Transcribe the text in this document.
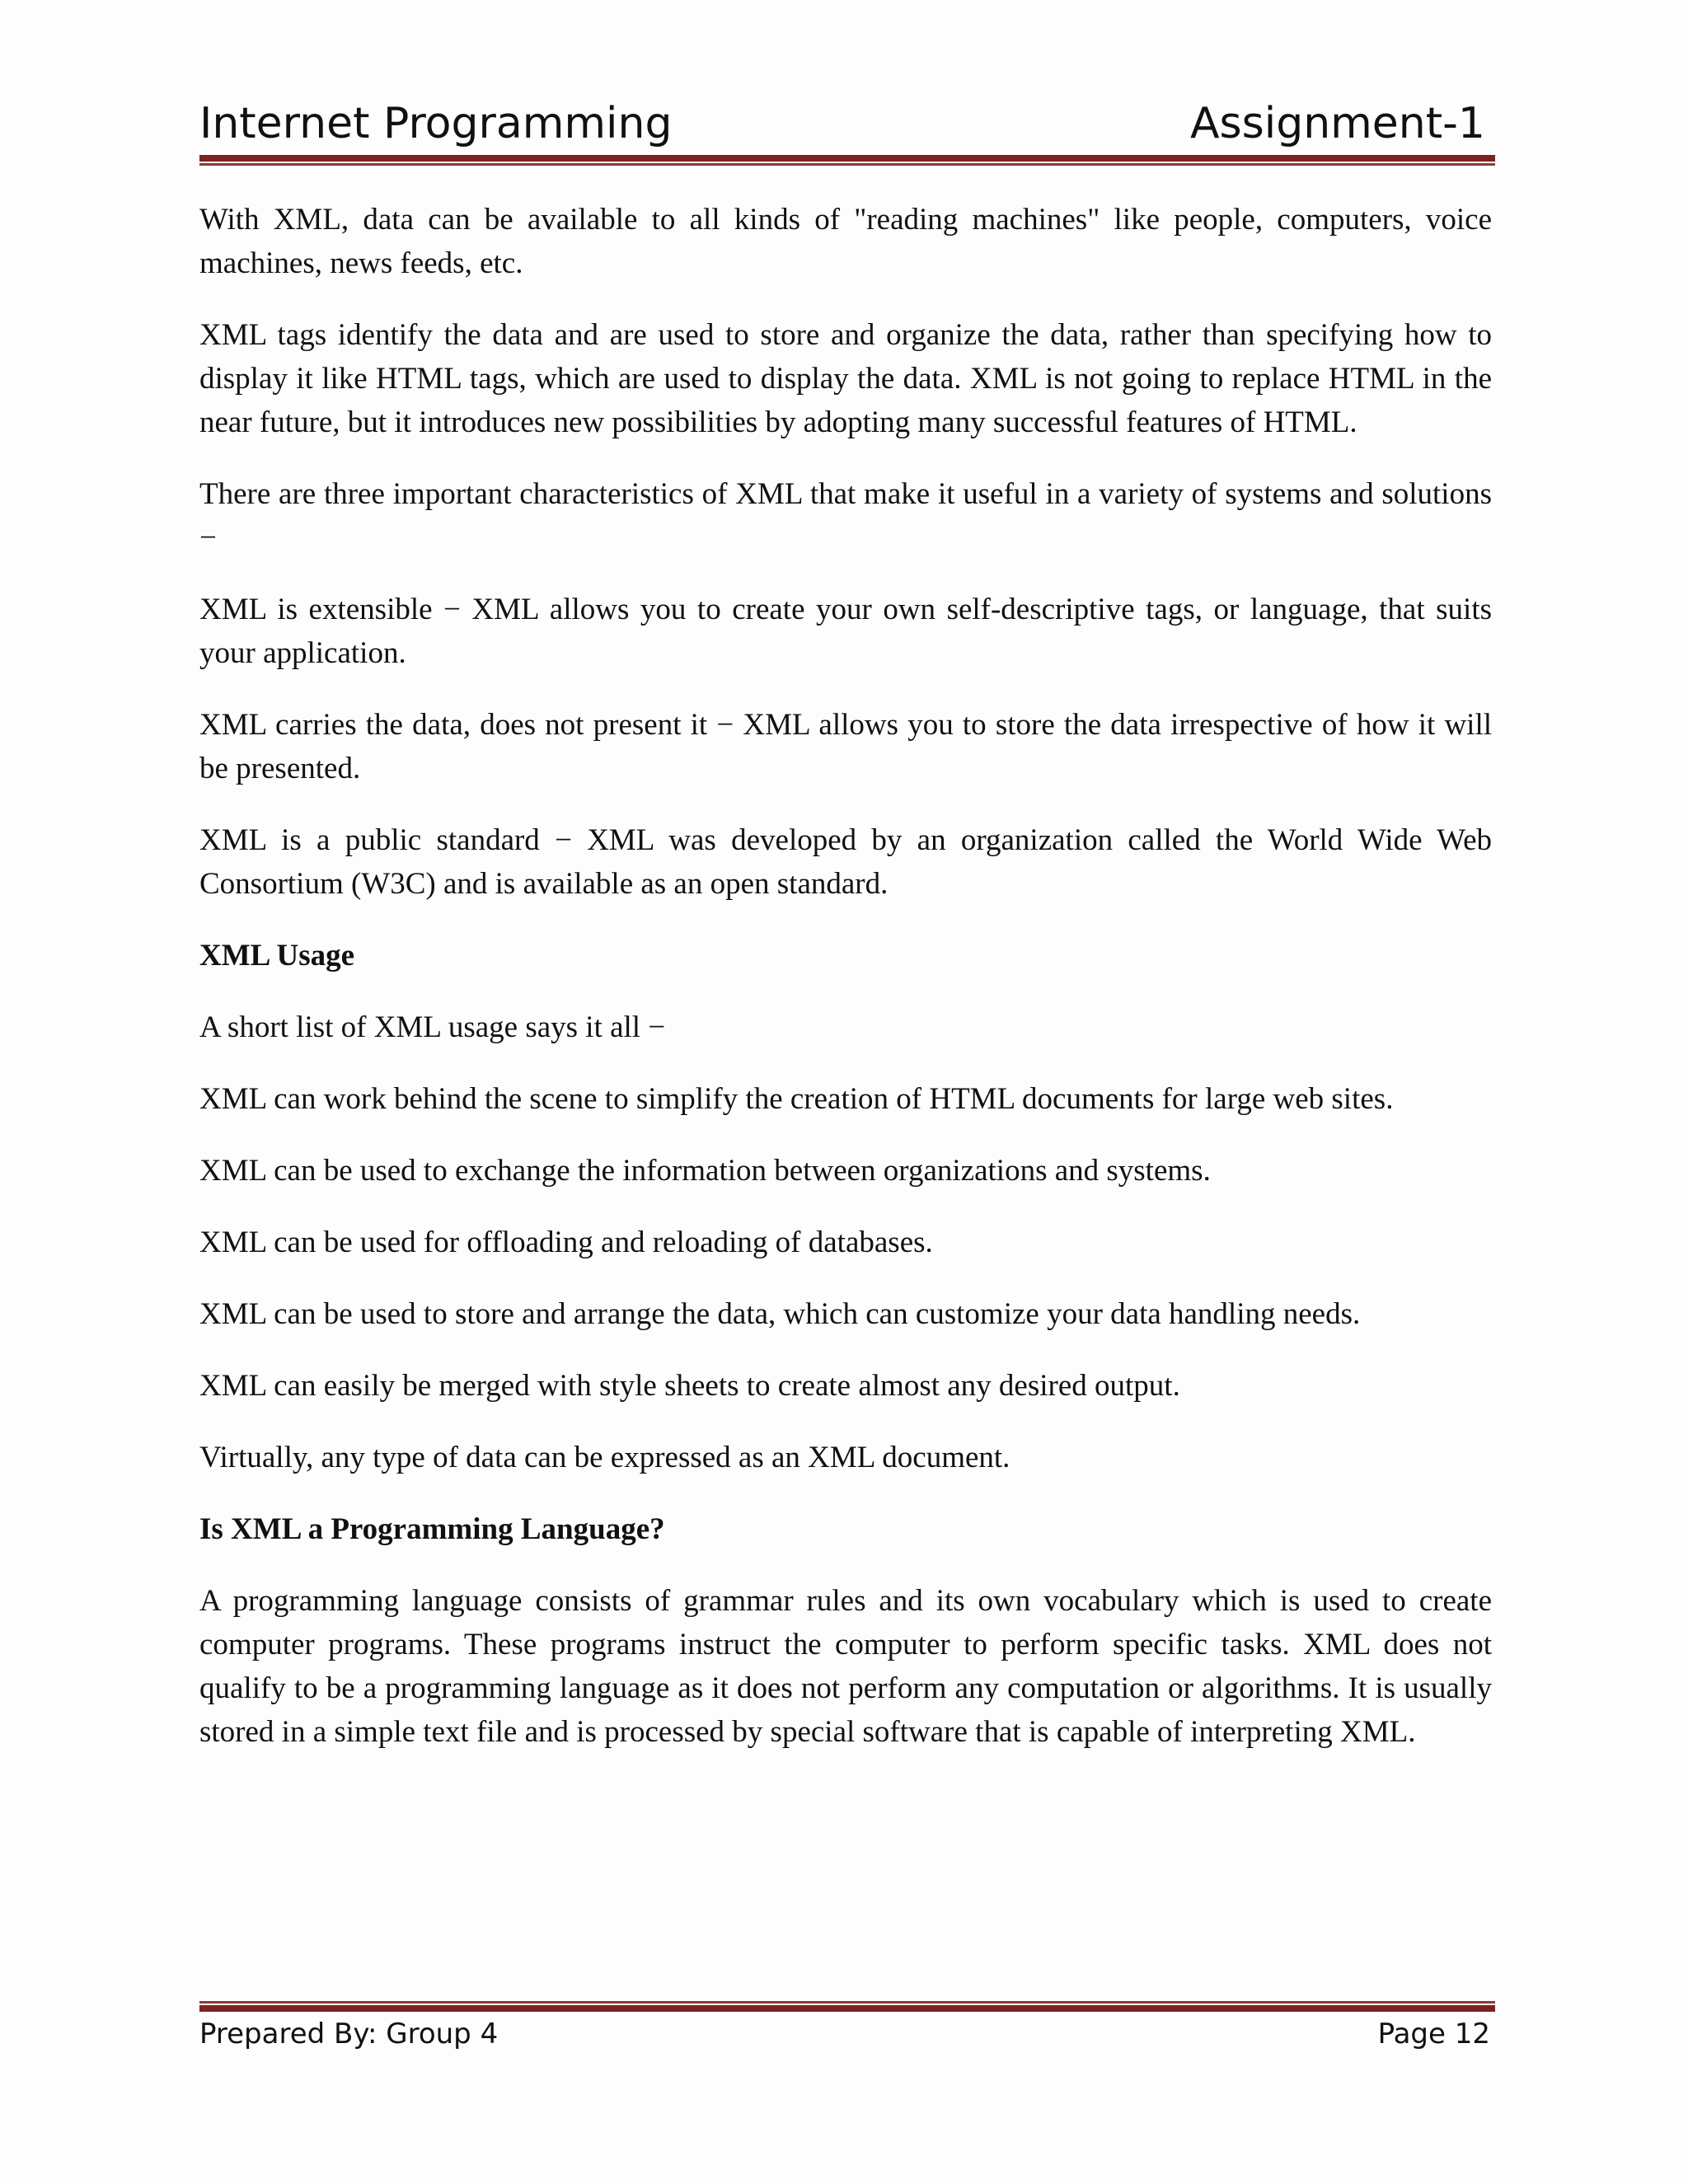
Internet Programming	Assignment-1

With XML, data can be available to all kinds of "reading machines" like people, computers, voice machines, news feeds, etc.

XML tags identify the data and are used to store and organize the data, rather than specifying how to display it like HTML tags, which are used to display the data. XML is not going to replace HTML in the near future, but it introduces new possibilities by adopting many successful features of HTML.

There are three important characteristics of XML that make it useful in a variety of systems and solutions −

XML is extensible − XML allows you to create your own self-descriptive tags, or language, that suits your application.

XML carries the data, does not present it − XML allows you to store the data irrespective of how it will be presented.

XML is a public standard − XML was developed by an organization called the World Wide Web Consortium (W3C) and is available as an open standard.

XML Usage

A short list of XML usage says it all −

XML can work behind the scene to simplify the creation of HTML documents for large web sites.

XML can be used to exchange the information between organizations and systems.

XML can be used for offloading and reloading of databases.

XML can be used to store and arrange the data, which can customize your data handling needs.

XML can easily be merged with style sheets to create almost any desired output.

Virtually, any type of data can be expressed as an XML document.

Is XML a Programming Language?

A programming language consists of grammar rules and its own vocabulary which is used to create computer programs. These programs instruct the computer to perform specific tasks. XML does not qualify to be a programming language as it does not perform any computation or algorithms. It is usually stored in a simple text file and is processed by special software that is capable of interpreting XML.

Prepared By: Group 4	Page 12
